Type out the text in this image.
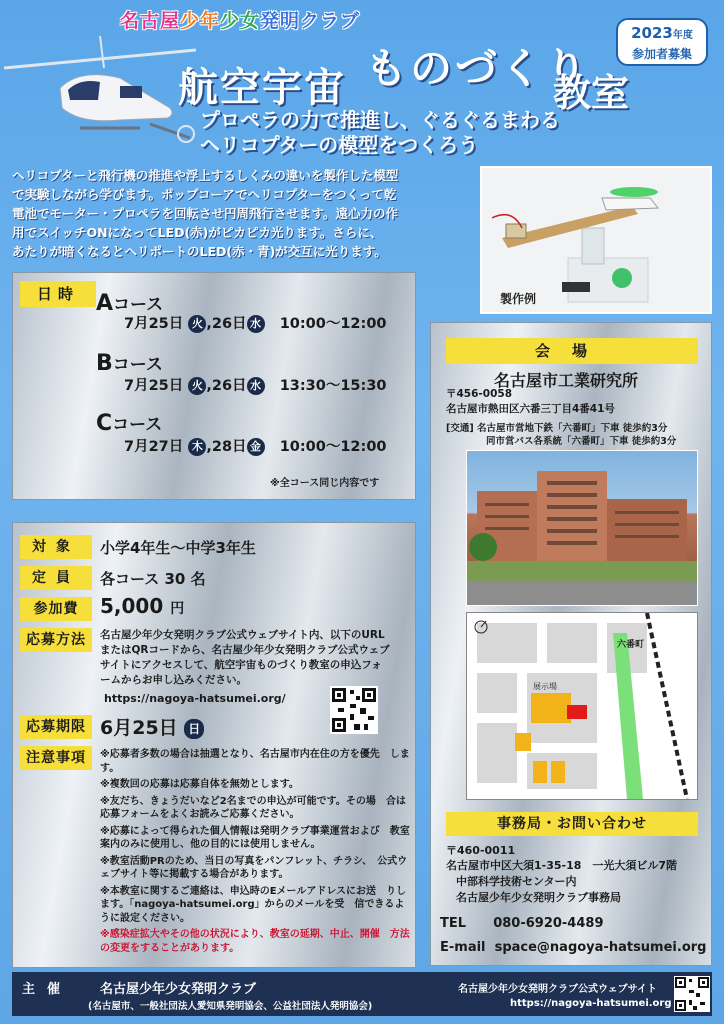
名古屋少年少女発明クラブ
2023年度
参加者募集
航空宇宙 ものづくり
教室
プロペラの力で推進し、ぐるぐるまわる
ヘリコプターの模型をつくろう
ヘリコプターと飛行機の推進や浮上するしくみの違いを製作した模型
で実験しながら学びます。ポップコーアでヘリコプターをつくって乾
電池でモーター・プロペラを回転させ円周飛行させます。遠心力の作
用でスイッチONになってLED(赤)がピカピカ光ります。さらに、
あたりが暗くなるとヘリポートのLED(赤・青)が交互に光ります。
製作例
日時 Aコース
7月25日 火 ,26日 水 10:00～12:00
Bコース
7月25日 火 ,26日 水 13:30～15:30
Cコース
7月27日 木 ,28日 金 10:00～12:00
※全コース同じ内容です
対象	小学4年生〜中学3年生
定員	各コース 30 名
参加費	5,000 円
応募方法	名古屋少年少女発明クラブ公式ウェブサイト内、以下のURL
またはQRコードから、名古屋少年少女発明クラブ公式ウェブ
サイトにアクセスして、航空宇宙ものづくり教室の申込フォ
ームからお申し込みください。
https://nagoya-hatsumei.org/
応募期限 6月25日 日
注意事項	※応募者多数の場合は抽選となり、名古屋市内在住の方を優先　します。
※複数回の応募は応募自体を無効とします。
※友だち、きょうだいなど2名までの申込が可能です。その場　合は応募フォームをよくお読みご応募ください。
※応募によって得られた個人情報は発明クラブ事業運営および　教室案内のみに使用し、他の目的には使用しません。
※教室活動PRのため、当日の写真をパンフレット、チラシ、　公式ウェブサイト等に掲載する場合があります。
※本教室に関するご連絡は、申込時のEメールアドレスにお送　りします。「nagoya-hatsumei.org」からのメールを受　信できるように設定ください。
※感染症拡大やその他の状況により、教室の延期、中止、開催　方法の変更をすることがあります。
会場
名古屋市工業研究所
〒456-0058
名古屋市熱田区六番三丁目4番41号
[交通] 名古屋市営地下鉄「六番町」下車 徒歩約3分
同市営バス各系統「六番町」下車 徒歩約3分
六番町
展示場
事務局・お問い合わせ
〒460-0011
名古屋市中区大須1-35-18　一光大須ビル7階
中部科学技術センター内
名古屋少年少女発明クラブ事務局
TEL 080-6920-4489
E-mail space@nagoya-hatsumei.org
主催 名古屋少年少女発明クラブ
(名古屋市、一般社団法人愛知県発明協会、公益社団法人発明協会)
名古屋少年少女発明クラブ公式ウェブサイト
https://nagoya-hatsumei.org
